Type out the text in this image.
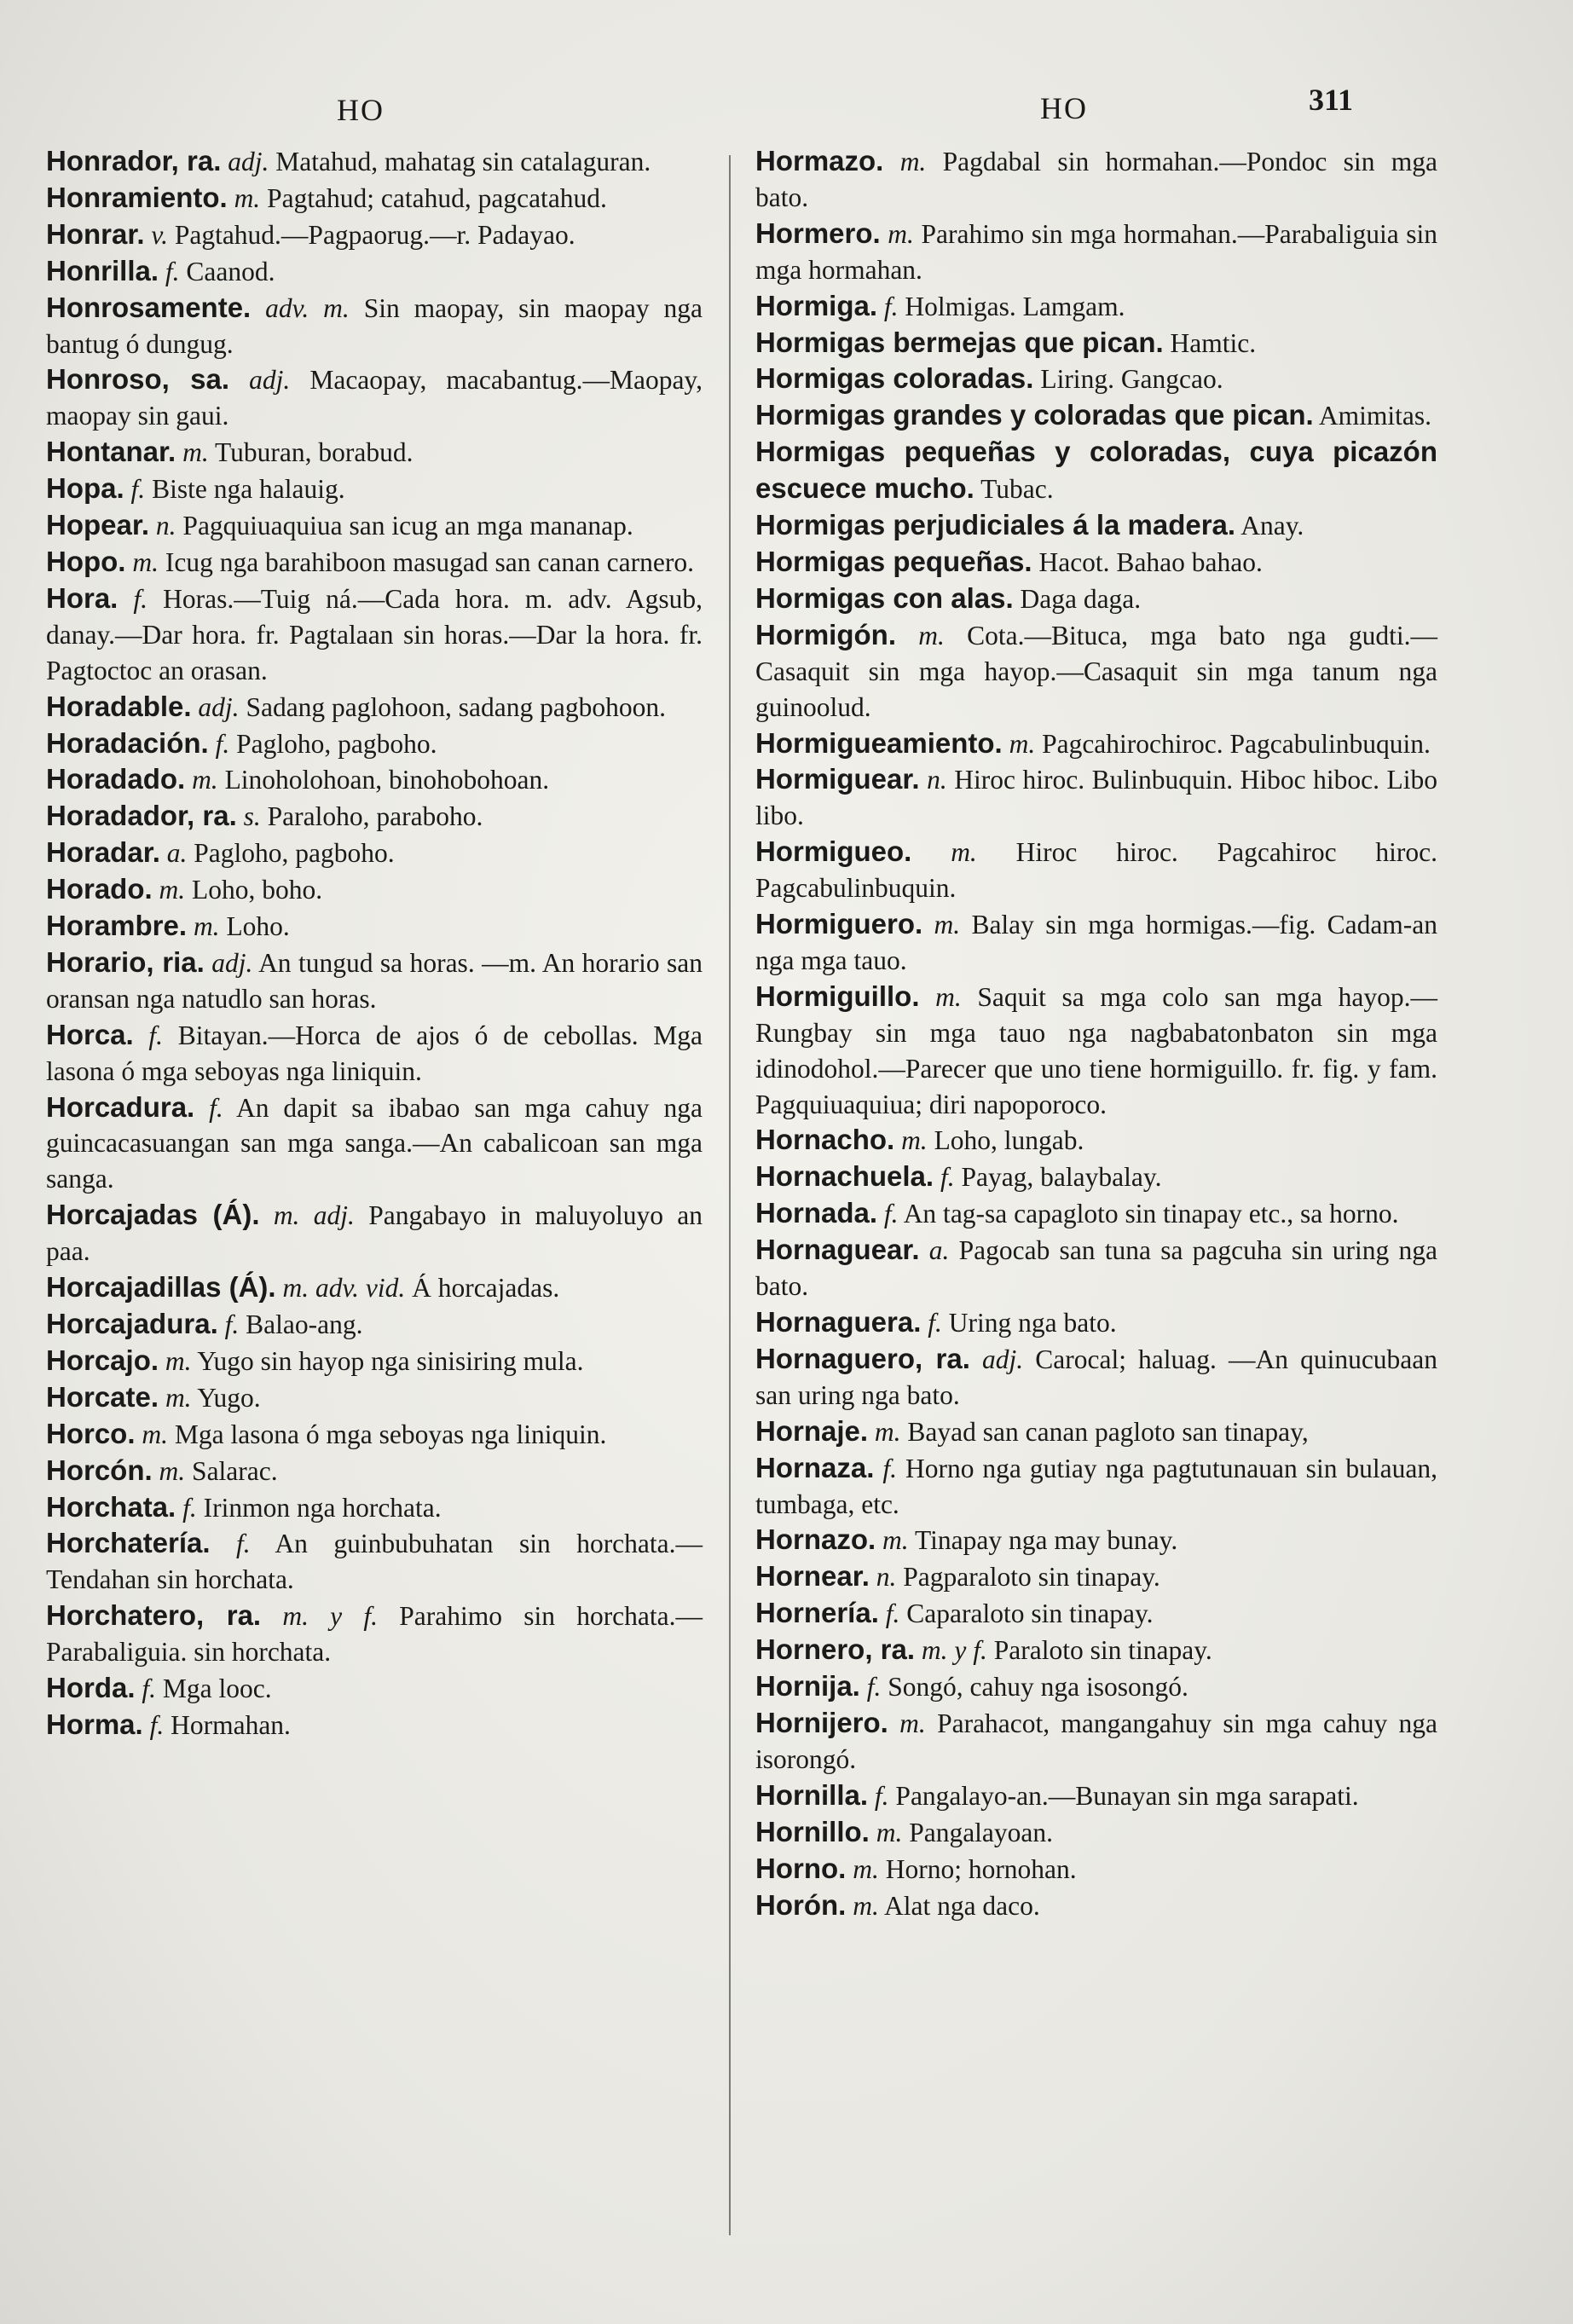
HO	HO	311

Honrador, ra. adj. Matahud, mahatag sin catalaguran.

Honramiento. m. Pagtahud; catahud, pagcatahud.

Honrar. v. Pagtahud.—Pagpaorug.—r. Padayao.

Honrilla. f. Caanod.

Honrosamente. adv. m. Sin maopay, sin maopay nga bantug ó dungug.

Honroso, sa. adj. Macaopay, macabantug.—Maopay, maopay sin gaui.

Hontanar. m. Tuburan, borabud.

Hopa. f. Biste nga halauig.

Hopear. n. Pagquiuaquiua san icug an mga mananap.

Hopo. m. Icug nga barahiboon masugad san canan carnero.

Hora. f. Horas.—Tuig ná.—Cada hora. m. adv. Agsub, danay.—Dar hora. fr. Pagtalaan sin horas.—Dar la hora. fr. Pagtoctoc an orasan.

Horadable. adj. Sadang paglohoon, sadang pagbohoon.

Horadación. f. Pagloho, pagboho.

Horadado. m. Linoholohoan, binohobohoan.

Horadador, ra. s. Paraloho, paraboho.

Horadar. a. Pagloho, pagboho.

Horado. m. Loho, boho.

Horambre. m. Loho.

Horario, ria. adj. An tungud sa horas. —m. An horario san oransan nga natudlo san horas.

Horca. f. Bitayan.—Horca de ajos ó de cebollas. Mga lasona ó mga seboyas nga liniquin.

Horcadura. f. An dapit sa ibabao san mga cahuy nga guincacasuangan san mga sanga.—An cabalicoan san mga sanga.

Horcajadas (Á). m. adj. Pangabayo in maluyoluyo an paa.

Horcajadillas (Á). m. adv. vid. Á horcajadas.

Horcajadura. f. Balao-ang.

Horcajo. m. Yugo sin hayop nga sinisiring mula.

Horcate. m. Yugo.

Horco. m. Mga lasona ó mga seboyas nga liniquin.

Horcón. m. Salarac.

Horchata. f. Irinmon nga horchata.

Horchatería. f. An guinbubuhatan sin horchata.—Tendahan sin horchata.

Horchatero, ra. m. y f. Parahimo sin horchata.—Parabaliguia. sin horchata.

Horda. f. Mga looc.

Horma. f. Hormahan.

Hormazo. m. Pagdabal sin hormahan.—Pondoc sin mga bato.

Hormero. m. Parahimo sin mga hormahan.—Parabaliguia sin mga hormahan.

Hormiga. f. Holmigas. Lamgam.

Hormigas bermejas que pican. Hamtic.

Hormigas coloradas. Liring. Gangcao.

Hormigas grandes y coloradas que pican. Amimitas.

Hormigas pequeñas y coloradas, cuya picazón escuece mucho. Tubac.

Hormigas perjudiciales á la madera. Anay.

Hormigas pequeñas. Hacot. Bahao bahao.

Hormigas con alas. Daga daga.

Hormigón. m. Cota.—Bituca, mga bato nga gudti.—Casaquit sin mga hayop.—Casaquit sin mga tanum nga guinoolud.

Hormigueamiento. m. Pagcahirochiroc. Pagcabulinbuquin.

Hormiguear. n. Hiroc hiroc. Bulinbuquin. Hiboc hiboc. Libo libo.

Hormigueo. m. Hiroc hiroc. Pagcahiroc hiroc. Pagcabulinbuquin.

Hormiguero. m. Balay sin mga hormigas.—fig. Cadam-an nga mga tauo.

Hormiguillo. m. Saquit sa mga colo san mga hayop.—Rungbay sin mga tauo nga nagbabatonbaton sin mga idinodohol.—Parecer que uno tiene hormiguillo. fr. fig. y fam. Pagquiuaquiua; diri napoporoco.

Hornacho. m. Loho, lungab.

Hornachuela. f. Payag, balaybalay.

Hornada. f. An tag-sa capagloto sin tinapay etc., sa horno.

Hornaguear. a. Pagocab san tuna sa pagcuha sin uring nga bato.

Hornaguera. f. Uring nga bato.

Hornaguero, ra. adj. Carocal; haluag. —An quinucubaan san uring nga bato.

Hornaje. m. Bayad san canan pagloto san tinapay,

Hornaza. f. Horno nga gutiay nga pagtutunauan sin bulauan, tumbaga, etc.

Hornazo. m. Tinapay nga may bunay.

Hornear. n. Pagparaloto sin tinapay.

Hornería. f. Caparaloto sin tinapay.

Hornero, ra. m. y f. Paraloto sin tinapay.

Hornija. f. Songó, cahuy nga isosongó.

Hornijero. m. Parahacot, mangangahuy sin mga cahuy nga isorongó.

Hornilla. f. Pangalayo-an.—Bunayan sin mga sarapati.

Hornillo. m. Pangalayoan.

Horno. m. Horno; hornohan.

Horón. m. Alat nga daco.
